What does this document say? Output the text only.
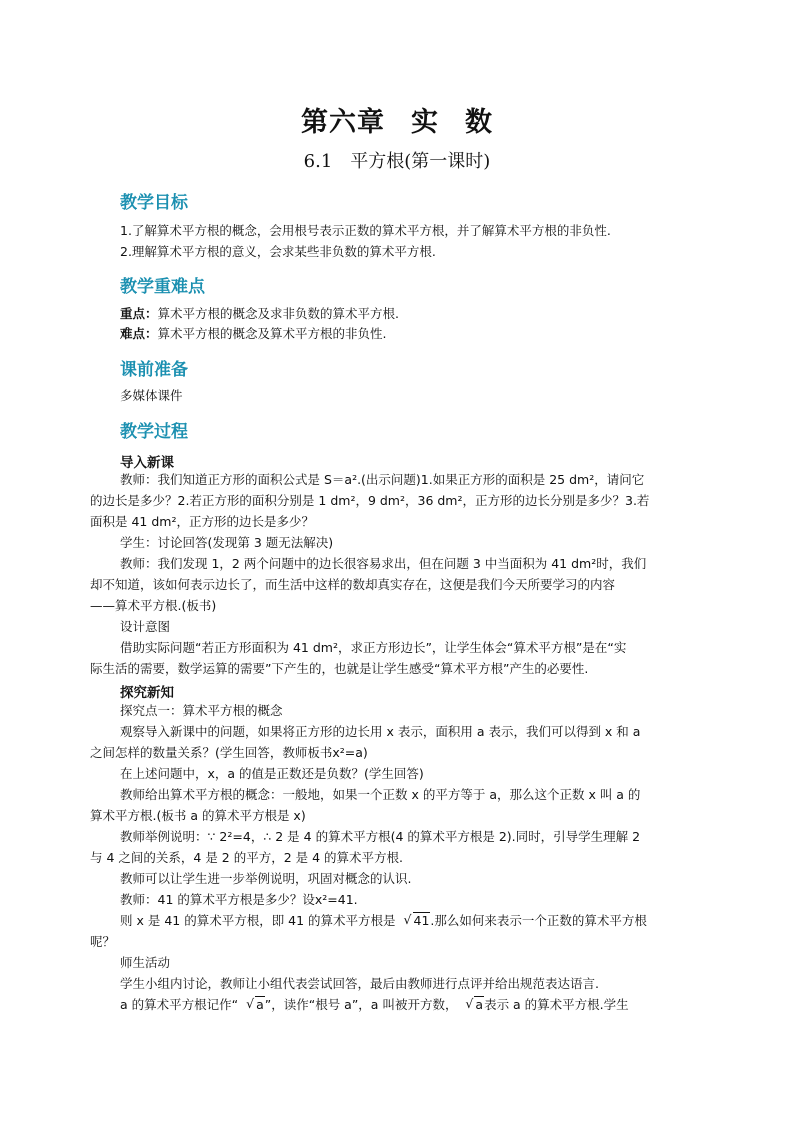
第六章 实 数
6.1　平方根(第一课时)
教学目标
1.了解算术平方根的概念，会用根号表示正数的算术平方根，并了解算术平方根的非负性.
2.理解算术平方根的意义，会求某些非负数的算术平方根.
教学重难点
重点：算术平方根的概念及求非负数的算术平方根.
难点：算术平方根的概念及算术平方根的非负性.
课前准备
多媒体课件
教学过程
导入新课
教师：我们知道正方形的面积公式是 S＝a².(出示问题)1.如果正方形的面积是 25 dm²，请问它
的边长是多少？2.若正方形的面积分别是 1 dm²，9 dm²，36 dm²，正方形的边长分别是多少？3.若
面积是 41 dm²，正方形的边长是多少？
学生：讨论回答(发现第 3 题无法解决)
教师：我们发现 1，2 两个问题中的边长很容易求出，但在问题 3 中当面积为 41 dm²时，我们
却不知道，该如何表示边长了，而生活中这样的数却真实存在，这便是我们今天所要学习的内容
——算术平方根.(板书)
设计意图
借助实际问题“若正方形面积为 41 dm²，求正方形边长”，让学生体会“算术平方根”是在“实
际生活的需要，数学运算的需要”下产生的，也就是让学生感受“算术平方根”产生的必要性.
探究新知
探究点一：算术平方根的概念
观察导入新课中的问题，如果将正方形的边长用 x 表示，面积用 a 表示，我们可以得到 x 和 a
之间怎样的数量关系？(学生回答，教师板书x²=a)
在上述问题中，x，a 的值是正数还是负数？(学生回答)
教师给出算术平方根的概念：一般地，如果一个正数 x 的平方等于 a，那么这个正数 x 叫 a 的
算术平方根.(板书 a 的算术平方根是 x)
教师举例说明：∵ 2²=4，∴ 2 是 4 的算术平方根(4 的算术平方根是 2).同时，引导学生理解 2
与 4 之间的关系，4 是 2 的平方，2 是 4 的算术平方根.
教师可以让学生进一步举例说明，巩固对概念的认识.
教师：41 的算术平方根是多少？设x²=41.
则 x 是 41 的算术平方根，即 41 的算术平方根是 √ 41.那么如何来表示一个正数的算术平方根
呢？
师生活动
学生小组内讨论，教师让小组代表尝试回答，最后由教师进行点评并给出规范表达语言.
a 的算术平方根记作“ √ a”，读作“根号 a”，a 叫被开方数， √ a表示 a 的算术平方根.学生
